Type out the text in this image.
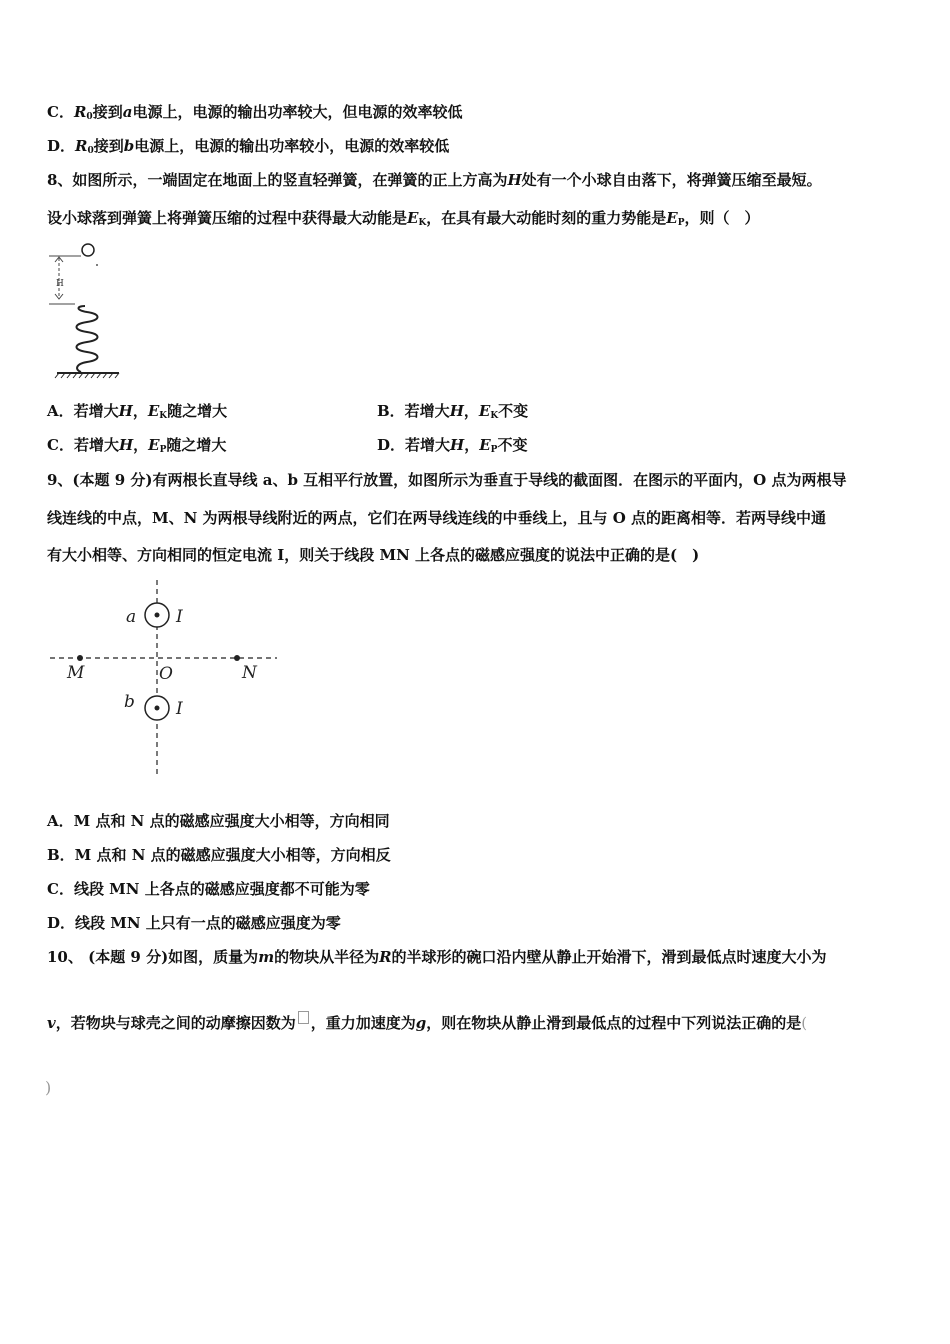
C．$R_0$接到a电源上，电源的输出功率较大，但电源的效率较低
D．$R_0$接到b电源上，电源的输出功率较小，电源的效率较低
8、如图所示，一端固定在地面上的竖直轻弹簧，在弹簧的正上方高为H处有一个小球自由落下，将弹簧压缩至最短。
设小球落到弹簧上将弹簧压缩的过程中获得最大动能是$E_K$，在具有最大动能时刻的重力势能是$E_P$，则（　）
H
A．若增大H，$E_K$随之增大	B．若增大H，$E_K$不变
C．若增大H，$E_P$随之增大	D．若增大H，$E_P$不变
9、(本题 9 分)有两根长直导线 a、b 互相平行放置，如图所示为垂直于导线的截面图．在图示的平面内，O 点为两根导
线连线的中点，M、N 为两根导线附近的两点，它们在两导线连线的中垂线上，且与 O 点的距离相等．若两导线中通
有大小相等、方向相同的恒定电流 I，则关于线段 MN 上各点的磁感应强度的说法中正确的是(　)
a I
M	O	N
b I
A．M 点和 N 点的磁感应强度大小相等，方向相同
B．M 点和 N 点的磁感应强度大小相等，方向相反
C．线段 MN 上各点的磁感应强度都不可能为零
D．线段 MN 上只有一点的磁感应强度为零
10、 (本题 9 分)如图，质量为m的物块从半径为R的半球形的碗口沿内壁从静止开始滑下，滑到最低点时速度大小为
v，若物块与球壳之间的动摩擦因数为 ，重力加速度为g，则在物块从静止滑到最低点的过程中下列说法正确的是(
)
